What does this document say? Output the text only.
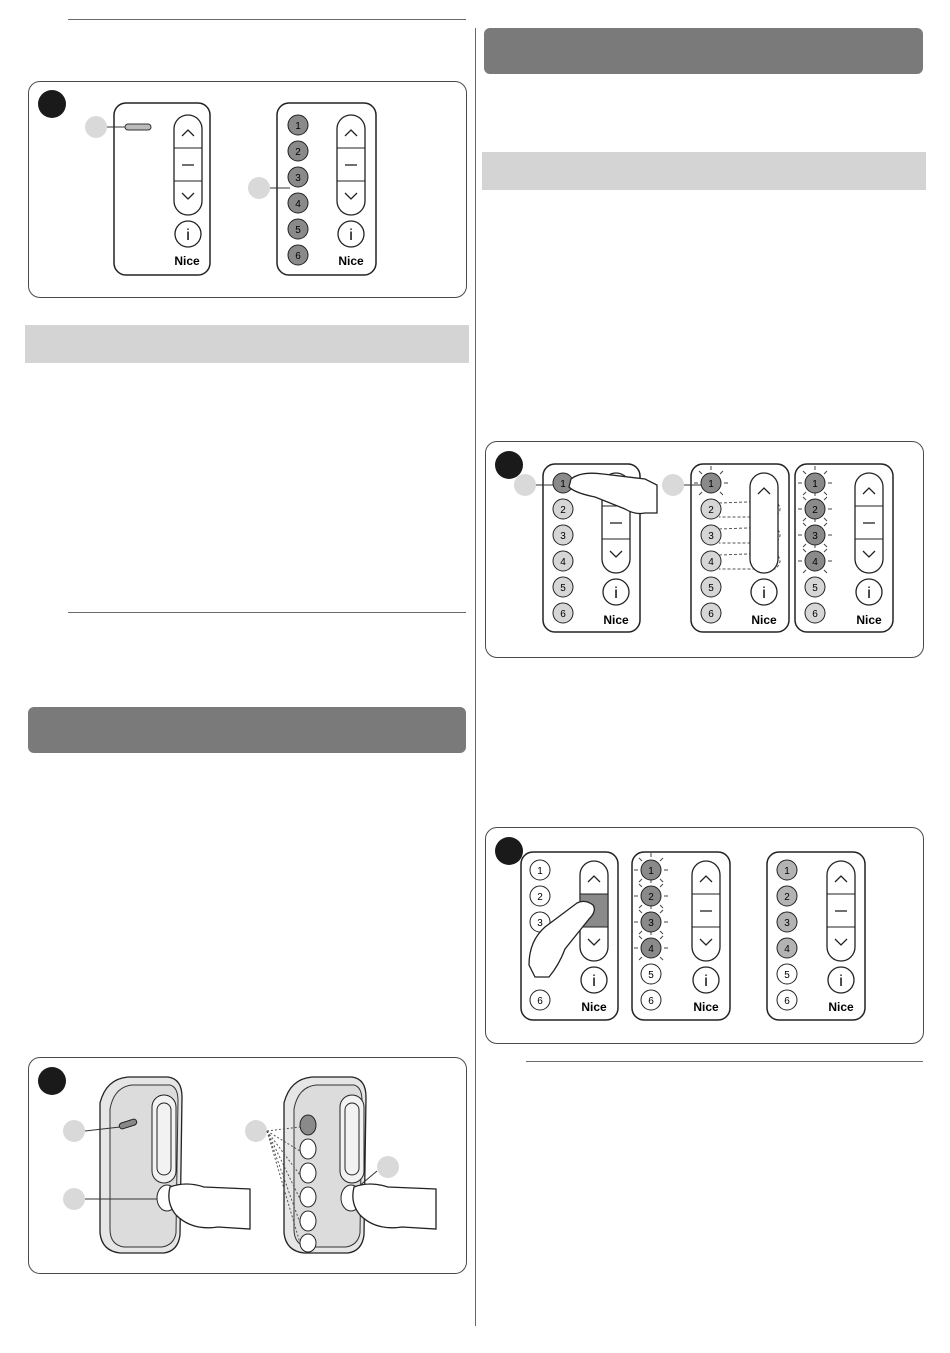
i
Nice
1
2
3
4
5
6
i
Nice
1
2
3
4
5
6
i
Nice
1
2
3
4
5
6
i
Nice
1
2
3
4
5
6
i
Nice
1
2
3
6
i
Nice
1
2
3
4
5
6
i
Nice
1
2
3
4
5
6
i
Nice
